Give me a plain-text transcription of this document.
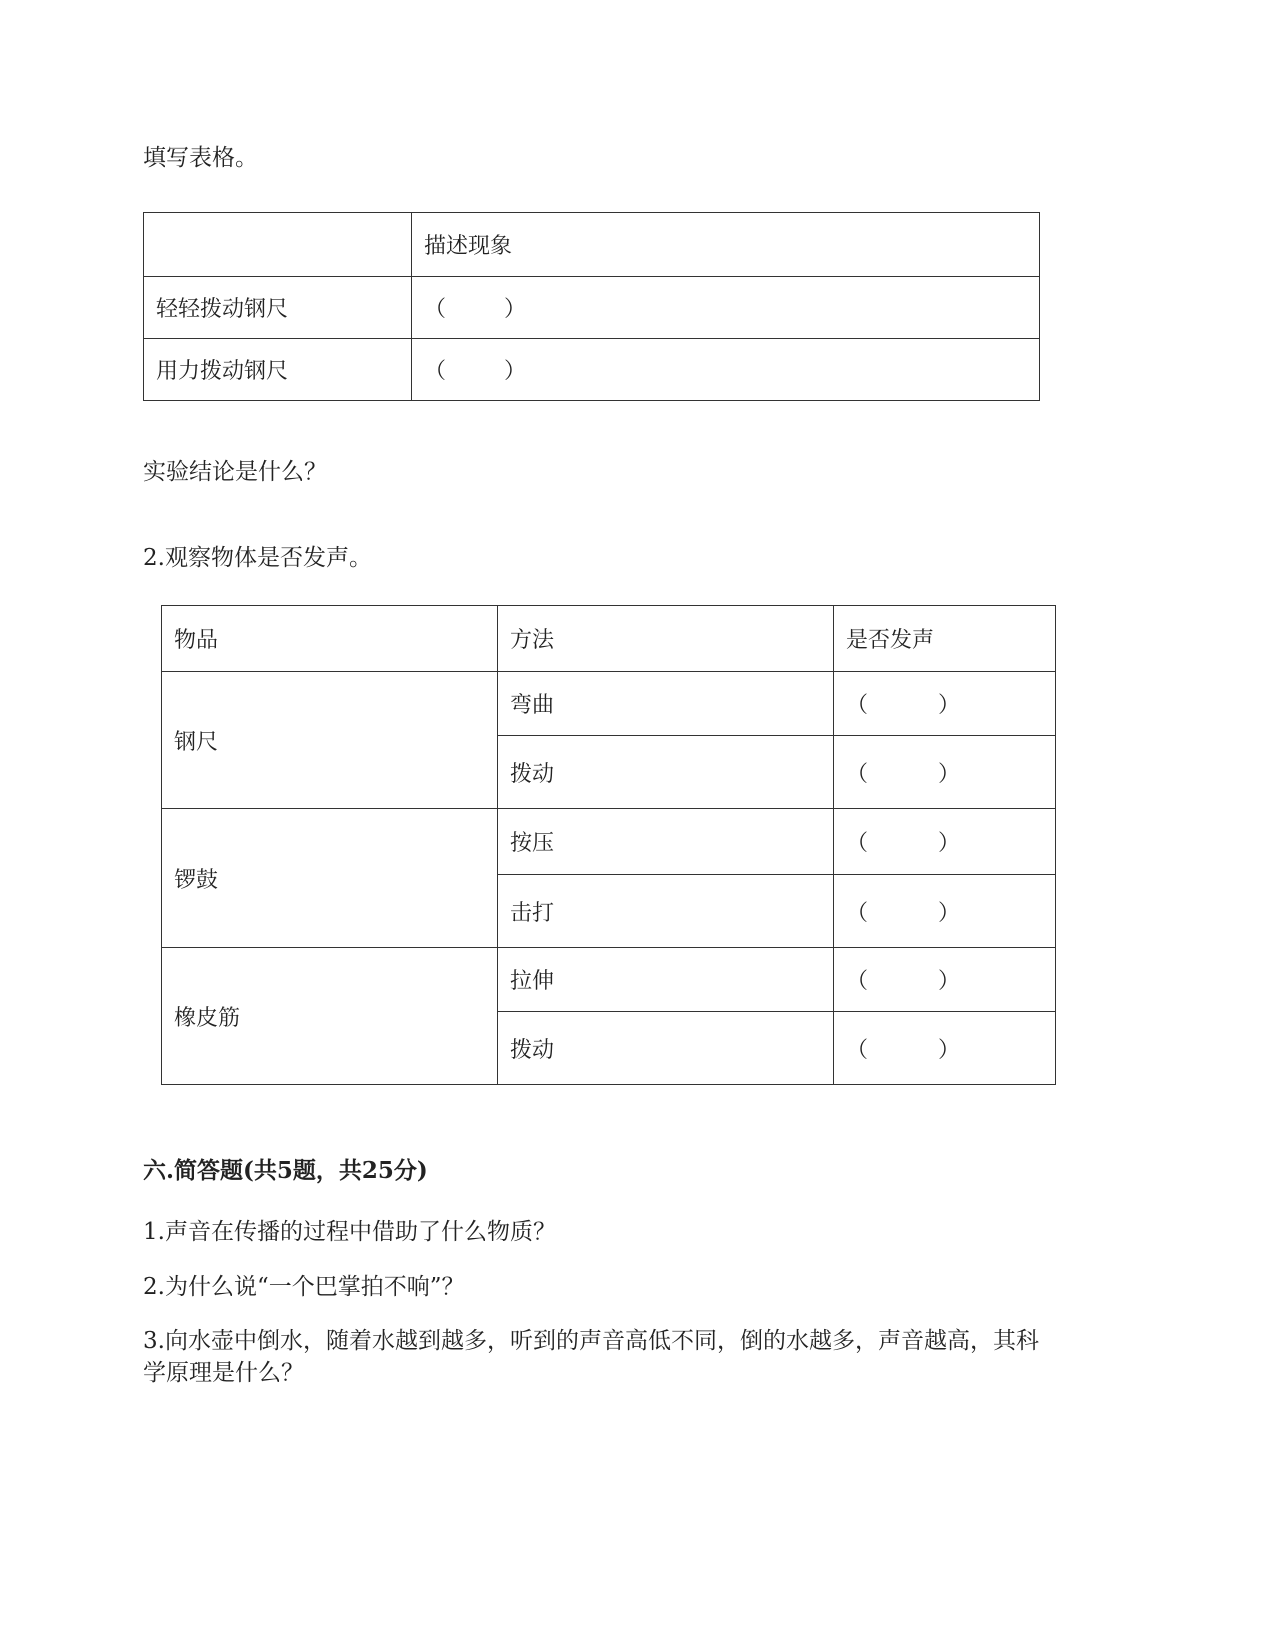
填写表格。
	描述现象
轻轻拨动钢尺	（ ）
用力拨动钢尺	（ ）
实验结论是什么？
2.观察物体是否发声。
物品	方法	是否发声
钢尺	弯曲	（ ）
	拨动	（ ）
锣鼓	按压	（ ）
	击打	（ ）
橡皮筋	拉伸	（ ）
	拨动	（ ）
六.简答题(共5题，共25分)
1.声音在传播的过程中借助了什么物质？
2.为什么说“一个巴掌拍不响”？
3.向水壶中倒水，随着水越到越多，听到的声音高低不同，倒的水越多，声音越高，其科
学原理是什么？
